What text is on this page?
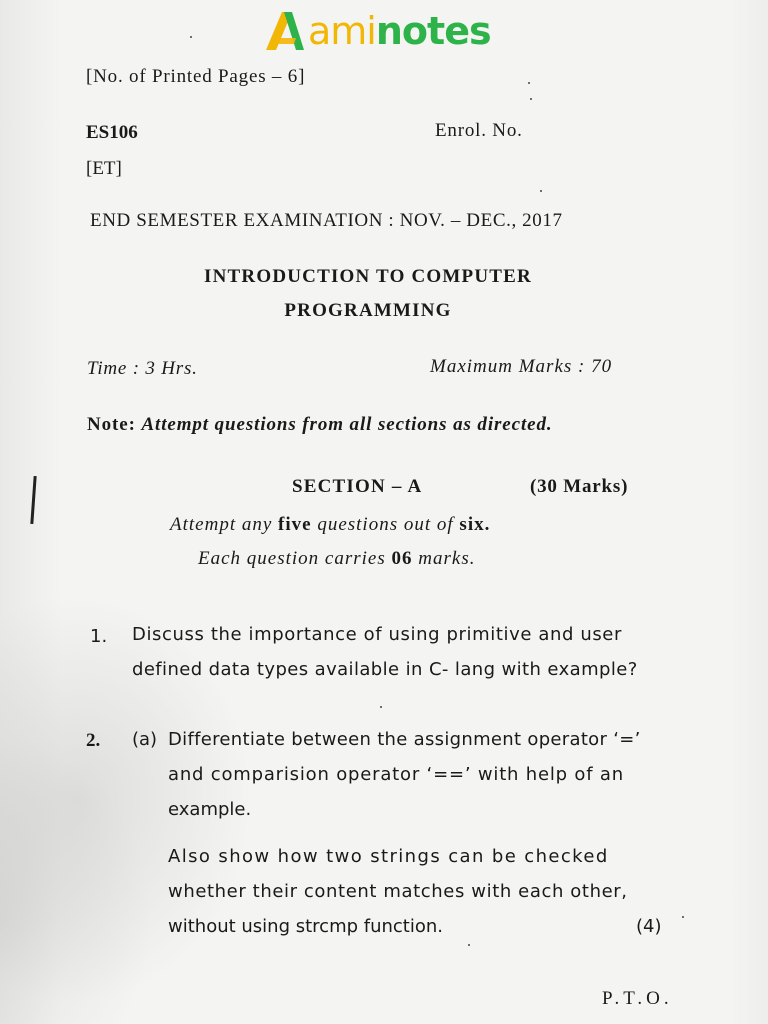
ami notes
[No. of Printed Pages – 6]
ES106	Enrol. No.
[ET]
END SEMESTER EXAMINATION : NOV. – DEC., 2017
INTRODUCTION TO COMPUTER
PROGRAMMING
Time : 3 Hrs.	Maximum Marks : 70
Note: Attempt questions from all sections as directed.
SECTION – A	(30 Marks)
Attempt any five questions out of six.
Each question carries 06 marks.
1. Discuss the importance of using primitive and user
defined data types available in C- lang with example?
2. (a) Differentiate between the assignment operator ‘=’
and comparision operator ‘==’ with help of an
example.
Also show how two strings can be checked
whether their content matches with each other,
without using strcmp function.	(4)
P.T.O.
